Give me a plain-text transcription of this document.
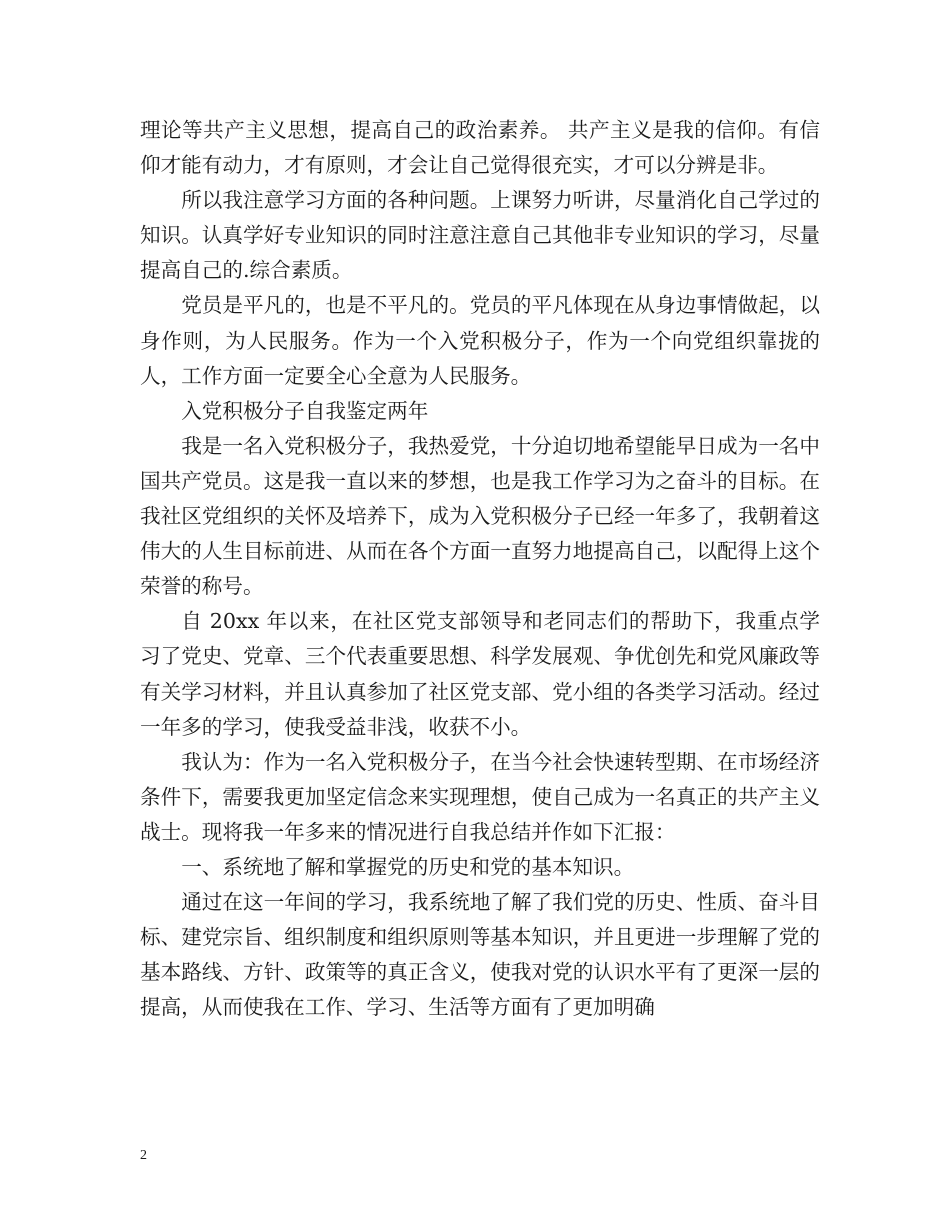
理论等共产主义思想，提高自己的政治素养。 共产主义是我的信仰。有信仰才能有动力，才有原则，才会让自己觉得很充实，才可以分辨是非。

所以我注意学习方面的各种问题。上课努力听讲，尽量消化自己学过的知识。认真学好专业知识的同时注意注意自己其他非专业知识的学习，尽量提高自己的.综合素质。

党员是平凡的，也是不平凡的。党员的平凡体现在从身边事情做起，以身作则，为人民服务。作为一个入党积极分子，作为一个向党组织靠拢的人，工作方面一定要全心全意为人民服务。

入党积极分子自我鉴定两年

我是一名入党积极分子，我热爱党，十分迫切地希望能早日成为一名中国共产党员。这是我一直以来的梦想，也是我工作学习为之奋斗的目标。在我社区党组织的关怀及培养下，成为入党积极分子已经一年多了，我朝着这伟大的人生目标前进、从而在各个方面一直努力地提高自己，以配得上这个荣誉的称号。

自 20xx 年以来，在社区党支部领导和老同志们的帮助下，我重点学习了党史、党章、三个代表重要思想、科学发展观、争优创先和党风廉政等有关学习材料，并且认真参加了社区党支部、党小组的各类学习活动。经过一年多的学习，使我受益非浅，收获不小。

我认为：作为一名入党积极分子，在当今社会快速转型期、在市场经济条件下，需要我更加坚定信念来实现理想，使自己成为一名真正的共产主义战士。现将我一年多来的情况进行自我总结并作如下汇报：

一、系统地了解和掌握党的历史和党的基本知识。

通过在这一年间的学习，我系统地了解了我们党的历史、性质、奋斗目标、建党宗旨、组织制度和组织原则等基本知识，并且更进一步理解了党的基本路线、方针、政策等的真正含义，使我对党的认识水平有了更深一层的提高，从而使我在工作、学习、生活等方面有了更加明确

2
